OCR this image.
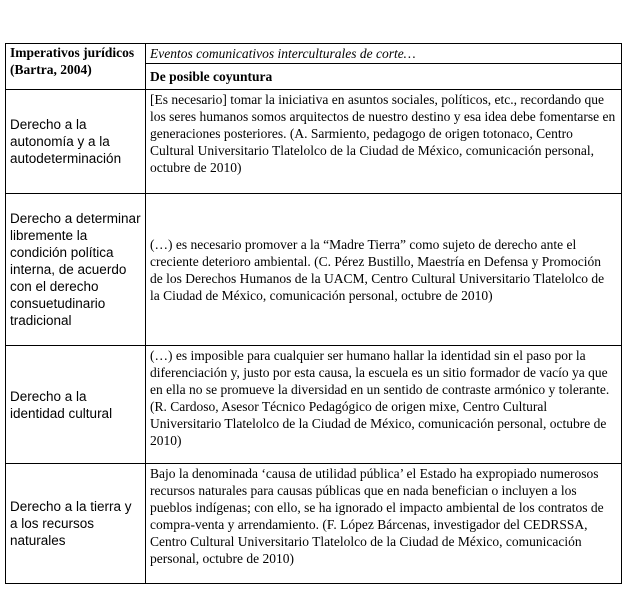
Imperativos jurídicos (Bartra, 2004)	Eventos comunicativos interculturales de corte…
	De posible coyuntura
Derecho a la autonomía y a la autodeterminación	[Es necesario] tomar la iniciativa en asuntos sociales, políticos, etc., recordando que los seres humanos somos arquitectos de nuestro destino y esa idea debe fomentarse en generaciones posteriores. (A. Sarmiento, pedagogo de origen totonaco, Centro Cultural Universitario Tlatelolco de la Ciudad de México, comunicación personal, octubre de 2010)
Derecho a determinar libremente la condición política interna, de acuerdo con el derecho consuetudinario tradicional	(…) es necesario promover a la “Madre Tierra” como sujeto de derecho ante el creciente deterioro ambiental. (C. Pérez Bustillo, Maestría en Defensa y Promoción de los Derechos Humanos de la UACM, Centro Cultural Universitario Tlatelolco de la Ciudad de México, comunicación personal, octubre de 2010)
Derecho a la identidad cultural	(…) es imposible para cualquier ser humano hallar la identidad sin el paso por la diferenciación y, justo por esta causa, la escuela es un sitio formador de vacío ya que en ella no se promueve la diversidad en un sentido de contraste armónico y tolerante. (R. Cardoso, Asesor Técnico Pedagógico de origen mixe, Centro Cultural Universitario Tlatelolco de la Ciudad de México, comunicación personal, octubre de 2010)
Derecho a la tierra y a los recursos naturales	Bajo la denominada ‘causa de utilidad pública’ el Estado ha expropiado numerosos recursos naturales para causas públicas que en nada benefician o incluyen a los pueblos indígenas; con ello, se ha ignorado el impacto ambiental de los contratos de compra-venta y arrendamiento. (F. López Bárcenas, investigador del CEDRSSA, Centro Cultural Universitario Tlatelolco de la Ciudad de México, comunicación personal, octubre de 2010)
